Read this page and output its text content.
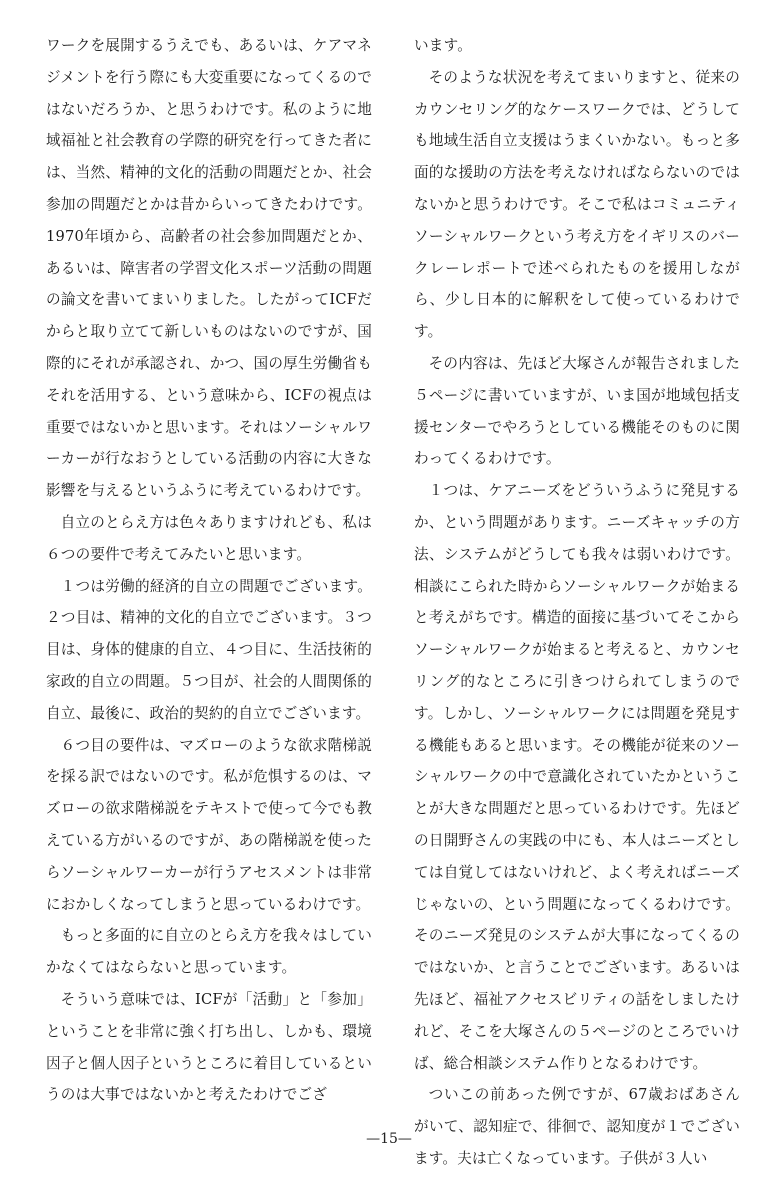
ワークを展開するうえでも、あるいは、ケアマネジメントを行う際にも大変重要になってくるのではないだろうか、と思うわけです。私のように地域福祉と社会教育の学際的研究を行ってきた者には、当然、精神的文化的活動の問題だとか、社会参加の問題だとかは昔からいってきたわけです。1970年頃から、高齢者の社会参加問題だとか、あるいは、障害者の学習文化スポーツ活動の問題の論文を書いてまいりました。したがってICFだからと取り立てて新しいものはないのですが、国際的にそれが承認され、かつ、国の厚生労働省もそれを活用する、という意味から、ICFの視点は重要ではないかと思います。それはソーシャルワーカーが行なおうとしている活動の内容に大きな影響を与えるというふうに考えているわけです。

自立のとらえ方は色々ありますけれども、私は６つの要件で考えてみたいと思います。

１つは労働的経済的自立の問題でございます。２つ目は、精神的文化的自立でございます。３つ目は、身体的健康的自立、４つ目に、生活技術的家政的自立の問題。５つ目が、社会的人間関係的自立、最後に、政治的契約的自立でございます。

６つ目の要件は、マズローのような欲求階梯説を採る訳ではないのです。私が危惧するのは、マズローの欲求階梯説をテキストで使って今でも教えている方がいるのですが、あの階梯説を使ったらソーシャルワーカーが行うアセスメントは非常におかしくなってしまうと思っているわけです。

もっと多面的に自立のとらえ方を我々はしていかなくてはならないと思っています。

そういう意味では、ICFが「活動」と「参加」ということを非常に強く打ち出し、しかも、環境因子と個人因子というところに着目しているというのは大事ではないかと考えたわけでござ

います。

そのような状況を考えてまいりますと、従来のカウンセリング的なケースワークでは、どうしても地域生活自立支援はうまくいかない。もっと多面的な援助の方法を考えなければならないのではないかと思うわけです。そこで私はコミュニティソーシャルワークという考え方をイギリスのバークレーレポートで述べられたものを援用しながら、少し日本的に解釈をして使っているわけです。

その内容は、先ほど大塚さんが報告されました５ページに書いていますが、いま国が地域包括支援センターでやろうとしている機能そのものに関わってくるわけです。

１つは、ケアニーズをどういうふうに発見するか、という問題があります。ニーズキャッチの方法、システムがどうしても我々は弱いわけです。相談にこられた時からソーシャルワークが始まると考えがちです。構造的面接に基づいてそこからソーシャルワークが始まると考えると、カウンセリング的なところに引きつけられてしまうのです。しかし、ソーシャルワークには問題を発見する機能もあると思います。その機能が従来のソーシャルワークの中で意識化されていたかということが大きな問題だと思っているわけです。先ほどの日開野さんの実践の中にも、本人はニーズとしては自覚してはないけれど、よく考えればニーズじゃないの、という問題になってくるわけです。そのニーズ発見のシステムが大事になってくるのではないか、と言うことでございます。あるいは先ほど、福祉アクセスビリティの話をしましたけれど、そこを大塚さんの５ページのところでいけば、総合相談システム作りとなるわけです。

ついこの前あった例ですが、67歳おばあさんがいて、認知症で、徘徊で、認知度が１でございます。夫は亡くなっています。子供が３人い

—15—
